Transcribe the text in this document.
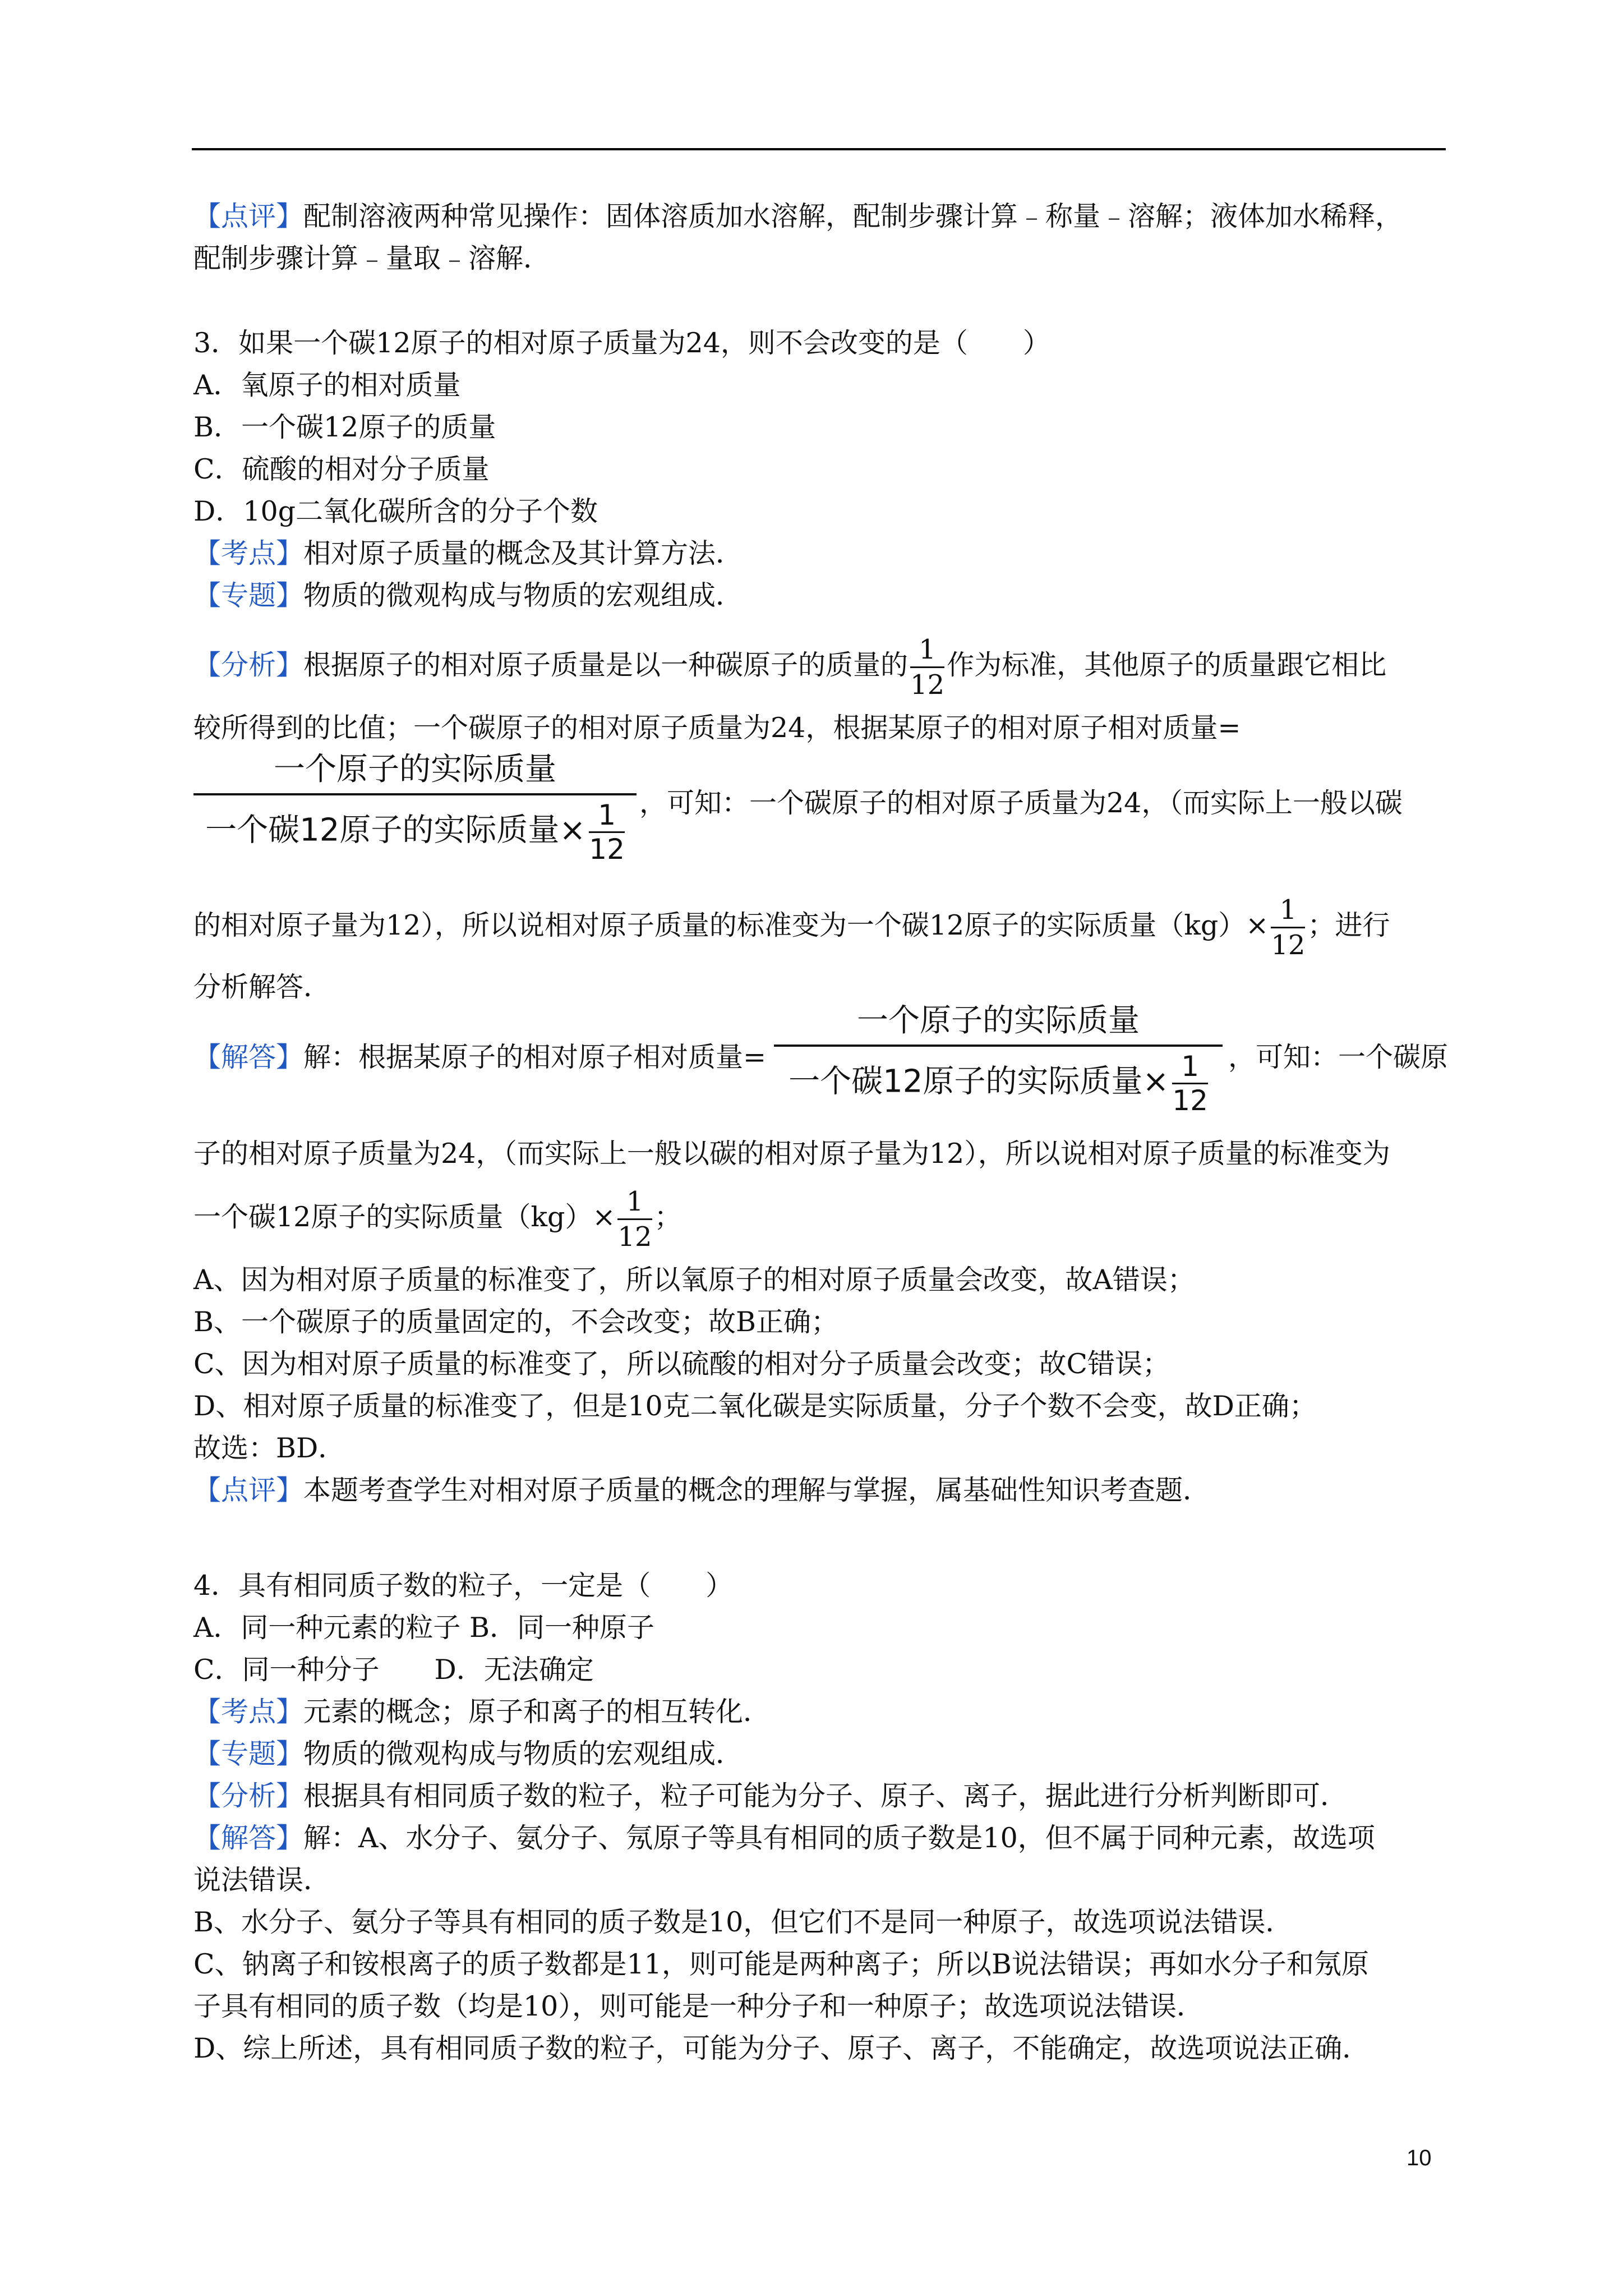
【点评】配制溶液两种常见操作：固体溶质加水溶解，配制步骤计算﹣称量﹣溶解；液体加水稀释，
配制步骤计算﹣量取﹣溶解．
3．如果一个碳12原子的相对原子质量为24，则不会改变的是（　　）
A．氧原子的相对质量
B．一个碳12原子的质量
C．硫酸的相对分子质量
D．10g二氧化碳所含的分子个数
【考点】相对原子质量的概念及其计算方法．
【专题】物质的微观构成与物质的宏观组成．
【分析】根据原子的相对原子质量是以一种碳原子的质量的 $\frac{1}{12}$ 作为标准，其他原子的质量跟它相比
较所得到的比值；一个碳原子的相对原子质量为24，根据某原子的相对原子相对质量=
一个原子的实际质量
一个碳12原子的实际质量× $\frac{1}{12}$ ，可知：一个碳原子的相对原子质量为24，（而实际上一般以碳
的相对原子量为12），所以说相对原子质量的标准变为一个碳12原子的实际质量$(kg)\times \frac{1}{12}$ ；进行
分析解答．
【解答】解：根据某原子的相对原子相对质量=
一个原子的实际质量
一个碳12原子的实际质量× $\frac{1}{12}$ ，可知：一个碳原
子的相对原子质量为24，（而实际上一般以碳的相对原子量为12），所以说相对原子质量的标准变为
一个碳12原子的实际质量$(kg)\times \frac{1}{12}$ ；
A、因为相对原子质量的标准变了，所以氧原子的相对原子质量会改变，故A错误；
B、一个碳原子的质量固定的，不会改变；故B正确；
C、因为相对原子质量的标准变了，所以硫酸的相对分子质量会改变；故C错误；
D、相对原子质量的标准变了，但是10克二氧化碳是实际质量，分子个数不会变，故D正确；
故选：BD．
【点评】本题考查学生对相对原子质量的概念的理解与掌握，属基础性知识考查题．
4．具有相同质子数的粒子，一定是（　　）
A．同一种元素的粒子 B．同一种原子
C．同一种分子　　D．无法确定
【考点】元素的概念；原子和离子的相互转化．
【专题】物质的微观构成与物质的宏观组成．
【分析】根据具有相同质子数的粒子，粒子可能为分子、原子、离子，据此进行分析判断即可．
【解答】解：A、水分子、氨分子、氖原子等具有相同的质子数是10，但不属于同种元素，故选项
说法错误．
B、水分子、氨分子等具有相同的质子数是10，但它们不是同一种原子，故选项说法错误．
C、钠离子和铵根离子的质子数都是11，则可能是两种离子；所以B说法错误；再如水分子和氖原
子具有相同的质子数（均是10），则可能是一种分子和一种原子；故选项说法错误．
D、综上所述，具有相同质子数的粒子，可能为分子、原子、离子，不能确定，故选项说法正确．
10
